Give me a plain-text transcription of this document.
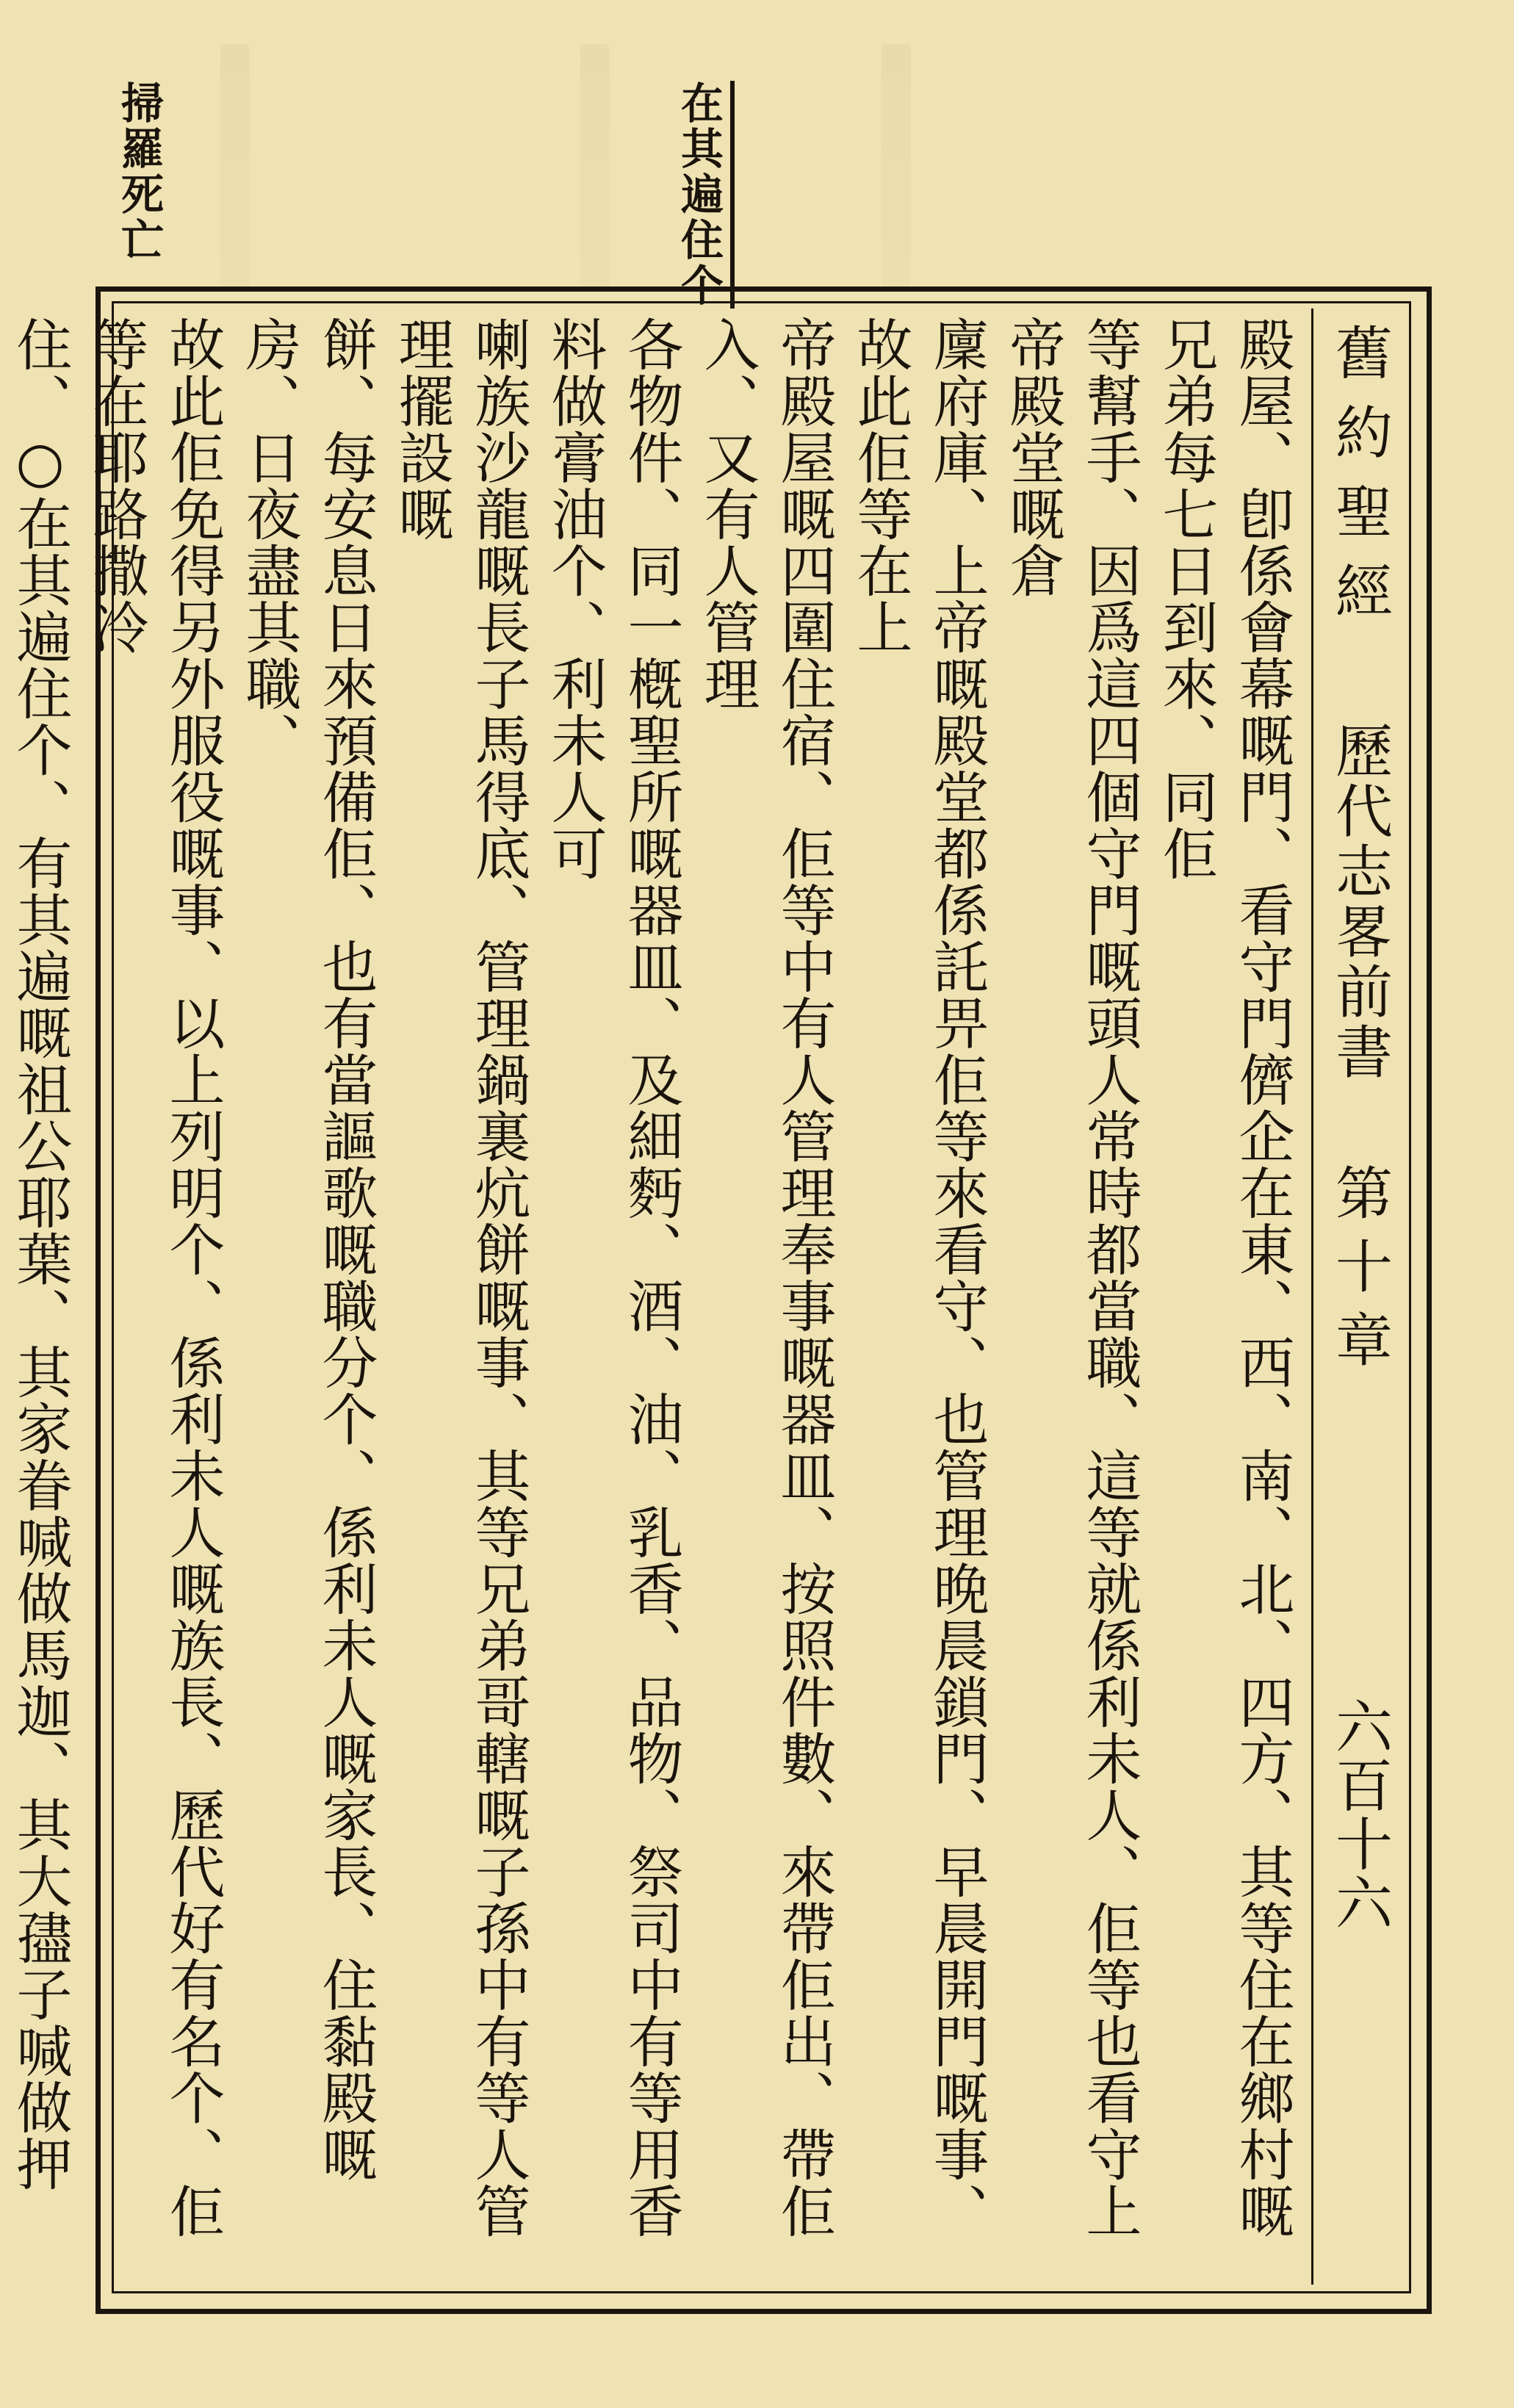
在其遍住个
掃羅死亡
舊約聖經  歷代志畧前書  第十章
六百十六
殿屋、卽係會幕嘅門、看守門儕企在東、西、南、北、四方、其等住在鄉村嘅兄弟每七日到來、同佢
等幫手、因爲這四個守門嘅頭人常時都當職、這等就係利未人、佢等也看守上帝殿堂嘅倉
廩府庫、上帝嘅殿堂都係託畀佢等來看守、也管理晚晨鎖門、早晨開門嘅事、故此佢等在上
帝殿屋嘅四圍住宿、佢等中有人管理奉事嘅器皿、按照件數、來帶佢出、帶佢入、又有人管理
各物件、同一槪聖所嘅器皿、及細麪、酒、油、乳香、品物、祭司中有等用香料做膏油个、利未人可
喇族沙龍嘅長子馬得底、管理鍋裏炕餅嘅事、其等兄弟哥轄嘅子孫中有等人管理擺設嘅
餅、每安息日來預備佢、也有當謳歌嘅職分个、係利未人嘅家長、住黏殿嘅房、日夜盡其職、
故此佢免得另外服役嘅事、以上列明个、係利未人嘅族長、歷代好有名个、佢等在耶路撒冷
住、○在其遍住个、有其遍嘅祖公耶葉、其家眷喊做馬迦、其大孻子喊做押
